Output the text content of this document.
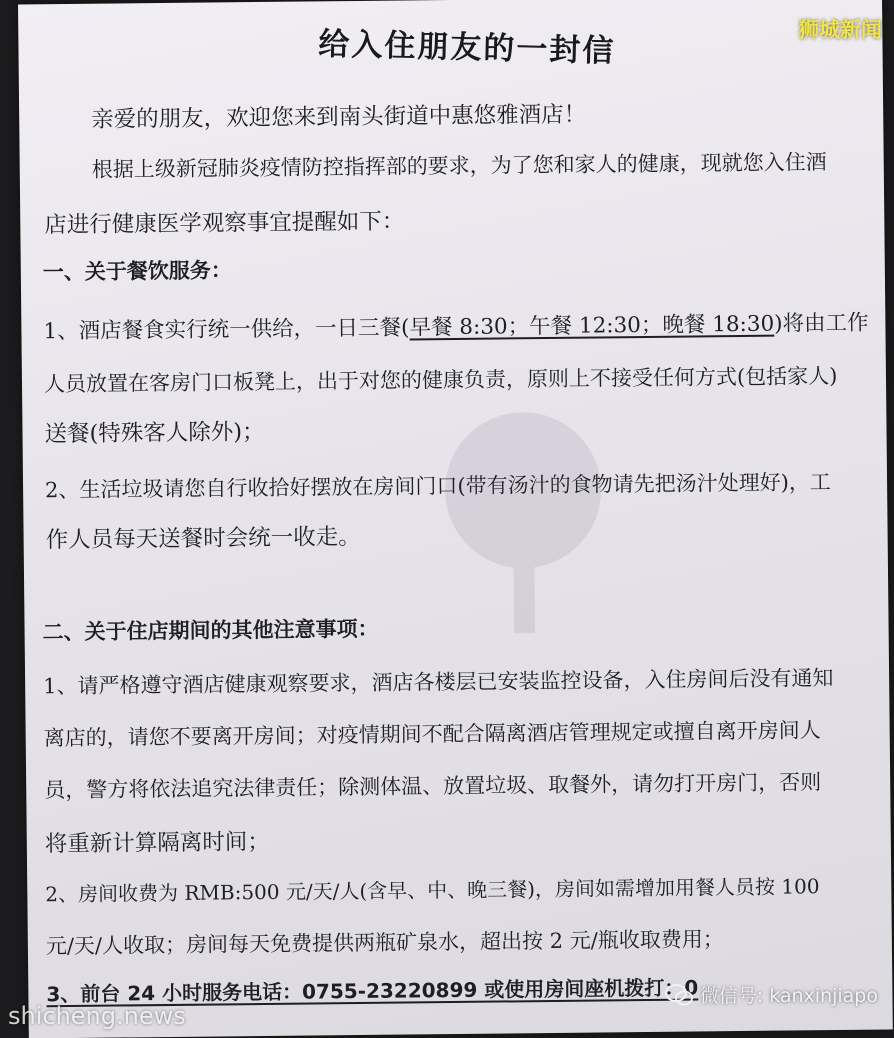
给入住朋友的一封信
亲爱的朋友，欢迎您来到南头街道中惠悠雅酒店！
根据上级新冠肺炎疫情防控指挥部的要求，为了您和家人的健康，现就您入住酒
店进行健康医学观察事宜提醒如下：
一、关于餐饮服务：
1、酒店餐食实行统一供给，一日三餐(早餐 8:30；午餐 12:30；晚餐 18:30)将由工作
人员放置在客房门口板凳上，出于对您的健康负责，原则上不接受任何方式(包括家人)
送餐(特殊客人除外)；
2、生活垃圾请您自行收拾好摆放在房间门口(带有汤汁的食物请先把汤汁处理好)，工
作人员每天送餐时会统一收走。
二、关于住店期间的其他注意事项：
1、请严格遵守酒店健康观察要求，酒店各楼层已安装监控设备，入住房间后没有通知
离店的，请您不要离开房间；对疫情期间不配合隔离酒店管理规定或擅自离开房间人
员，警方将依法追究法律责任；除测体温、放置垃圾、取餐外，请勿打开房门，否则
将重新计算隔离时间；
2、房间收费为 RMB:500 元/天/人(含早、中、晚三餐)，房间如需增加用餐人员按 100
元/天/人收取；房间每天免费提供两瓶矿泉水，超出按 2 元/瓶收取费用；
3、前台 24 小时服务电话：0755-23220899 或使用房间座机拨打：0
狮城新闻
shicheng.news
微信号: kanxinjiapo
